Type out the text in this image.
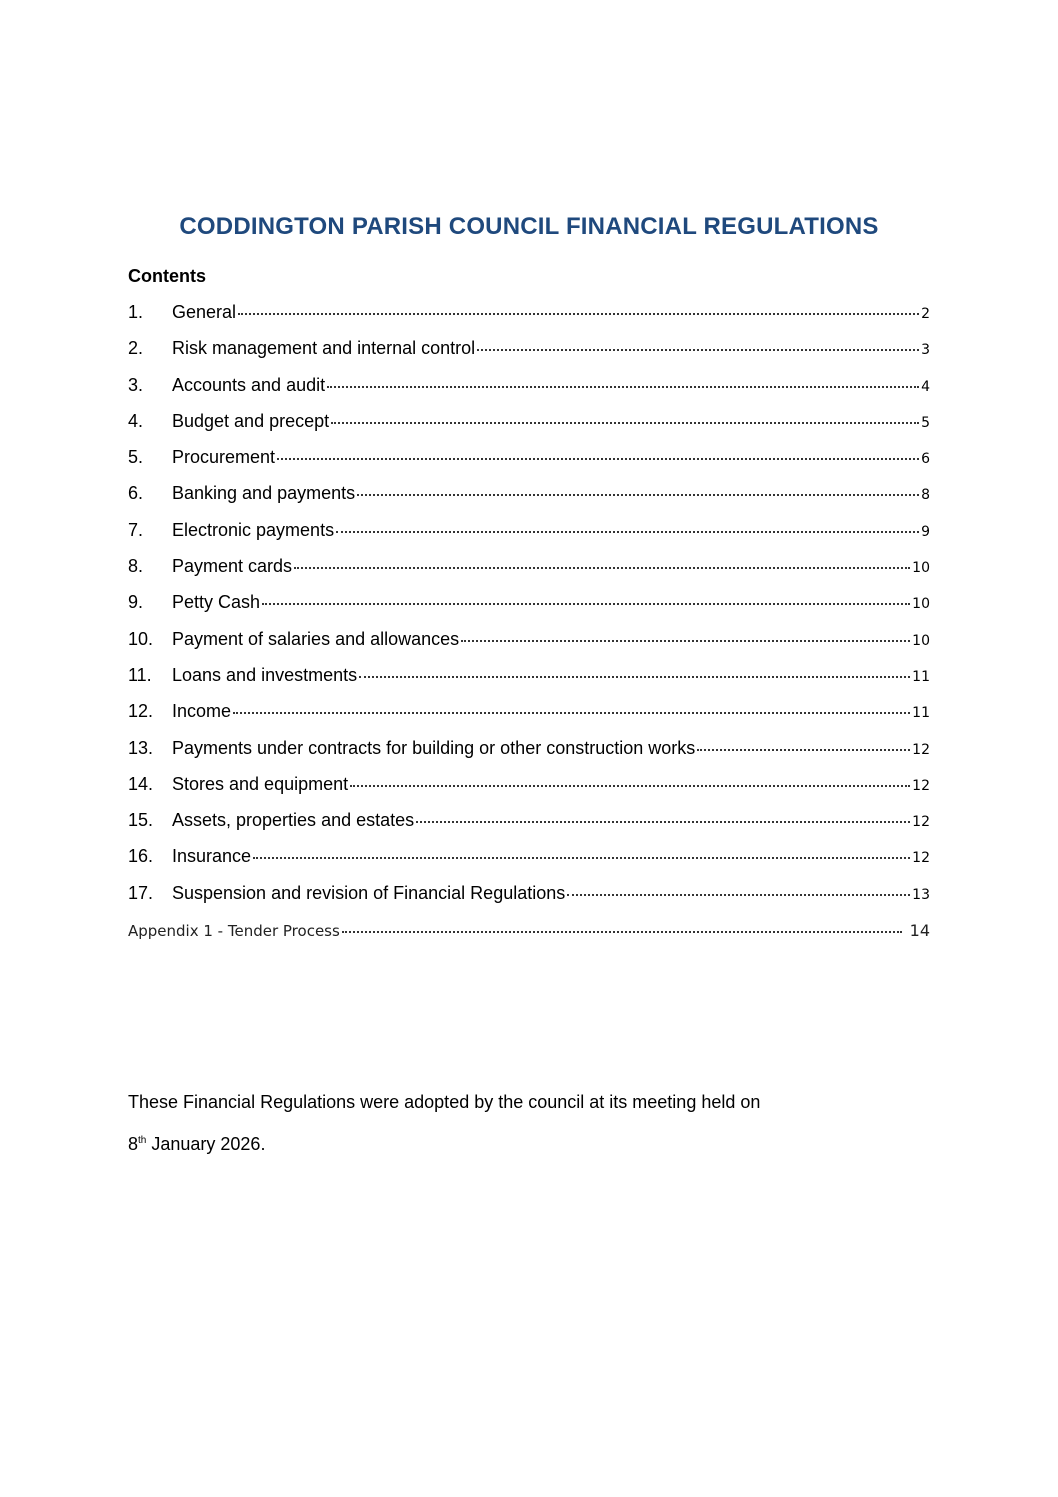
CODDINGTON PARISH COUNCIL FINANCIAL REGULATIONS
Contents
1.	General	2
2.	Risk management and internal control	3
3.	Accounts and audit	4
4.	Budget and precept	5
5.	Procurement	6
6.	Banking and payments	8
7.	Electronic payments	9
8.	Payment cards	10
9.	Petty Cash	10
10.	Payment of salaries and allowances	10
11.	Loans and investments	11
12.	Income	11
13.	Payments under contracts for building or other construction works	12
14.	Stores and equipment	12
15.	Assets, properties and estates	12
16.	Insurance	12
17.	Suspension and revision of Financial Regulations	13
Appendix 1 - Tender Process	14
These Financial Regulations were adopted by the council at its meeting held on
8th January 2026.
